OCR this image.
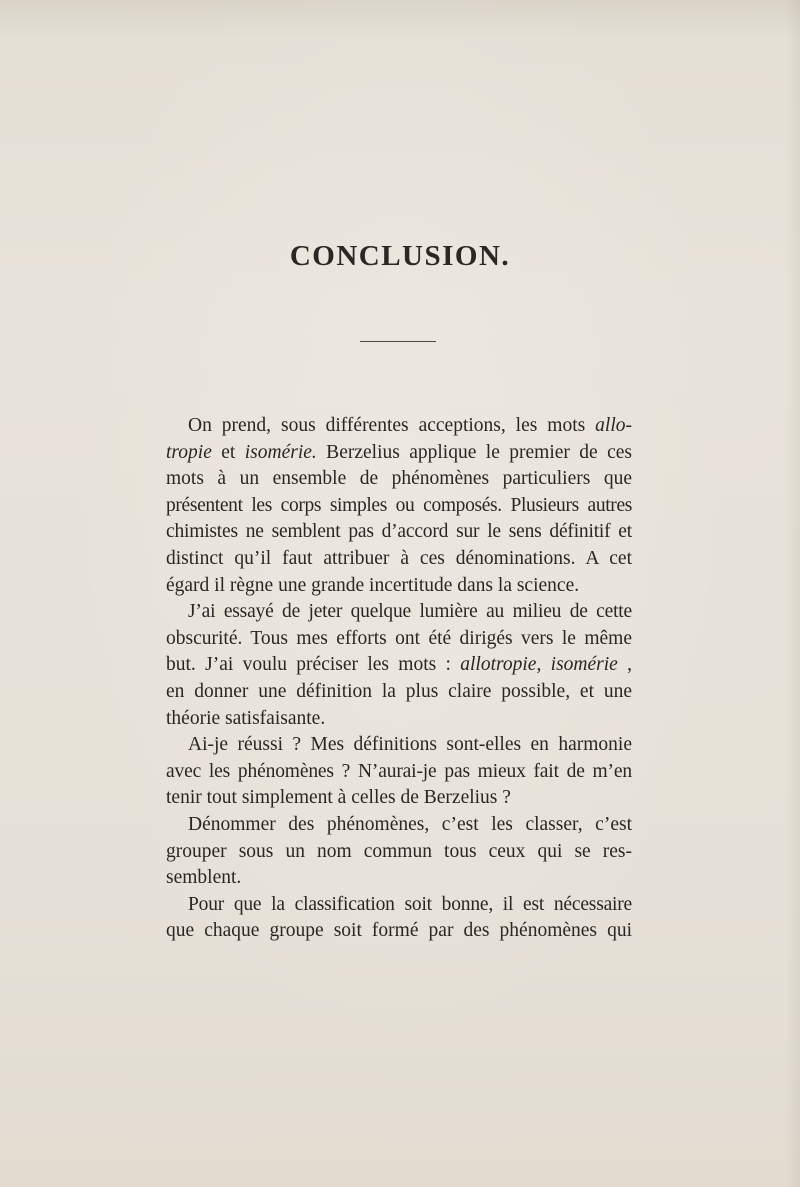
CONCLUSION.

On prend, sous différentes acceptions, les mots allo-
tropie et isomérie. Berzelius applique le premier de ces
mots à un ensemble de phénomènes particuliers que
présentent les corps simples ou composés. Plusieurs autres
chimistes ne semblent pas d’accord sur le sens définitif et
distinct qu’il faut attribuer à ces dénominations. A cet
égard il règne une grande incertitude dans la science.

J’ai essayé de jeter quelque lumière au milieu de cette
obscurité. Tous mes efforts ont été dirigés vers le même
but. J’ai voulu préciser les mots : allotropie, isomérie ,
en donner une définition la plus claire possible, et une
théorie satisfaisante.

Ai-je réussi ? Mes définitions sont-elles en harmonie
avec les phénomènes ? N’aurai-je pas mieux fait de m’en
tenir tout simplement à celles de Berzelius ?

Dénommer des phénomènes, c’est les classer, c’est
grouper sous un nom commun tous ceux qui se res-
semblent.

Pour que la classification soit bonne, il est nécessaire
que chaque groupe soit formé par des phénomènes qui
